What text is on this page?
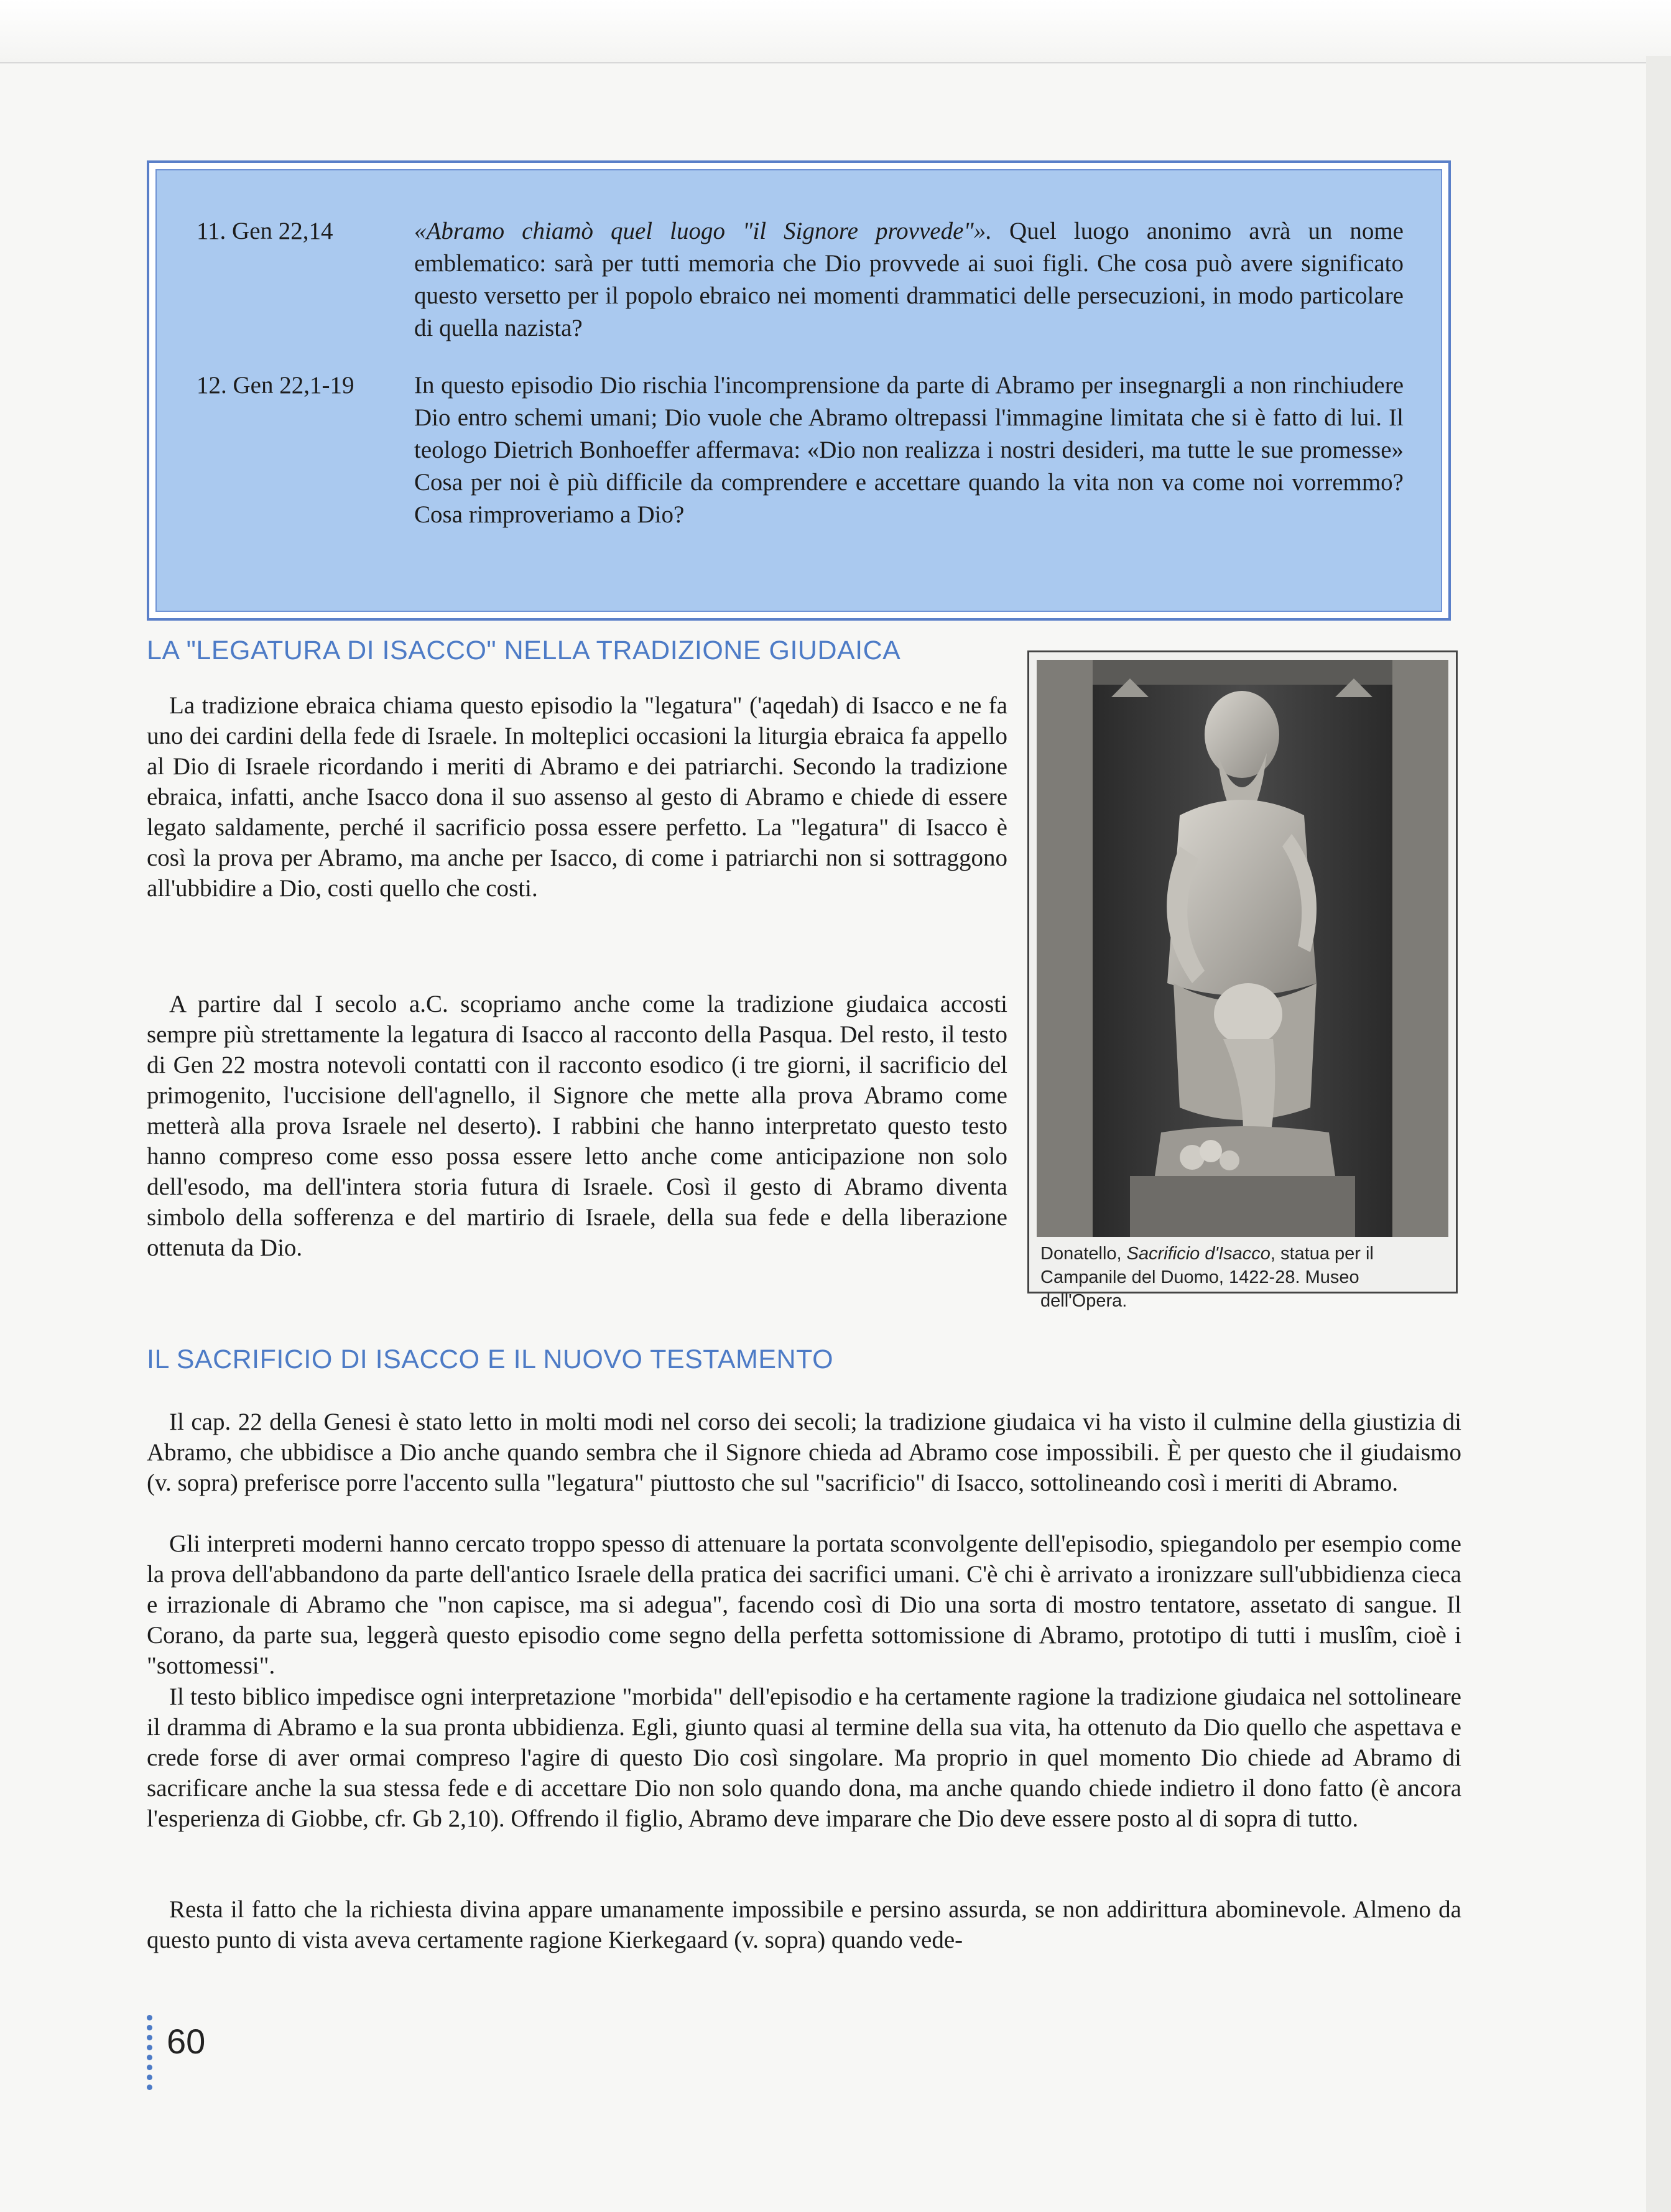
11. Gen 22,14	«Abramo chiamò quel luogo "il Signore provvede"». Quel luogo anonimo avrà un nome emblematico: sarà per tutti memoria che Dio provvede ai suoi figli. Che cosa può avere significato questo versetto per il popolo ebraico nei momenti drammatici delle persecuzioni, in modo particolare di quella nazista?
12. Gen 22,1-19	In questo episodio Dio rischia l'incomprensione da parte di Abramo per insegnargli a non rinchiudere Dio entro schemi umani; Dio vuole che Abramo oltrepassi l'immagine limitata che si è fatto di lui. Il teologo Dietrich Bonhoeffer affermava: «Dio non realizza i nostri desideri, ma tutte le sue promesse» Cosa per noi è più difficile da comprendere e accettare quando la vita non va come noi vorremmo? Cosa rimproveriamo a Dio?
LA "LEGATURA DI ISACCO" NELLA TRADIZIONE GIUDAICA
La tradizione ebraica chiama questo episodio la "legatura" ('aqedah) di Isacco e ne fa uno dei cardini della fede di Israele. In molteplici occasioni la liturgia ebraica fa appello al Dio di Israele ricordando i meriti di Abramo e dei patriarchi. Secondo la tradizione ebraica, infatti, anche Isacco dona il suo assenso al gesto di Abramo e chiede di essere legato saldamente, perché il sacrificio possa essere perfetto. La "legatura" di Isacco è così la prova per Abramo, ma anche per Isacco, di come i patriarchi non si sottraggono all'ubbidire a Dio, costi quello che costi.
A partire dal I secolo a.C. scopriamo anche come la tradizione giudaica accosti sempre più strettamente la legatura di Isacco al racconto della Pasqua. Del resto, il testo di Gen 22 mostra notevoli contatti con il racconto esodico (i tre giorni, il sacrificio del primogenito, l'uccisione dell'agnello, il Signore che mette alla prova Abramo come metterà alla prova Israele nel deserto). I rabbini che hanno interpretato questo testo hanno compreso come esso possa essere letto anche come anticipazione non solo dell'esodo, ma dell'intera storia futura di Israele. Così il gesto di Abramo diventa simbolo della sofferenza e del martirio di Israele, della sua fede e della liberazione ottenuta da Dio.	Donatello, Sacrificio d'Isacco, statua per il Campanile del Duomo, 1422-28. Museo dell'Opera.
IL SACRIFICIO DI ISACCO E IL NUOVO TESTAMENTO
Il cap. 22 della Genesi è stato letto in molti modi nel corso dei secoli; la tradizione giudaica vi ha visto il culmine della giustizia di Abramo, che ubbidisce a Dio anche quando sembra che il Signore chieda ad Abramo cose impossibili. È per questo che il giudaismo (v. sopra) preferisce porre l'accento sulla "legatura" piuttosto che sul "sacrificio" di Isacco, sottolineando così i meriti di Abramo.
Gli interpreti moderni hanno cercato troppo spesso di attenuare la portata sconvolgente dell'episodio, spiegandolo per esempio come la prova dell'abbandono da parte dell'antico Israele della pratica dei sacrifici umani. C'è chi è arrivato a ironizzare sull'ubbidienza cieca e irrazionale di Abramo che "non capisce, ma si adegua", facendo così di Dio una sorta di mostro tentatore, assetato di sangue. Il Corano, da parte sua, leggerà questo episodio come segno della perfetta sottomissione di Abramo, prototipo di tutti i muslîm, cioè i "sottomessi".
Il testo biblico impedisce ogni interpretazione "morbida" dell'episodio e ha certamente ragione la tradizione giudaica nel sottolineare il dramma di Abramo e la sua pronta ubbidienza. Egli, giunto quasi al termine della sua vita, ha ottenuto da Dio quello che aspettava e crede forse di aver ormai compreso l'agire di questo Dio così singolare. Ma proprio in quel momento Dio chiede ad Abramo di sacrificare anche la sua stessa fede e di accettare Dio non solo quando dona, ma anche quando chiede indietro il dono fatto (è ancora l'esperienza di Giobbe, cfr. Gb 2,10). Offrendo il figlio, Abramo deve imparare che Dio deve essere posto al di sopra di tutto.
Resta il fatto che la richiesta divina appare umanamente impossibile e persino assurda, se non addirittura abominevole. Almeno da questo punto di vista aveva certamente ragione Kierkegaard (v. sopra) quando vede-
60
